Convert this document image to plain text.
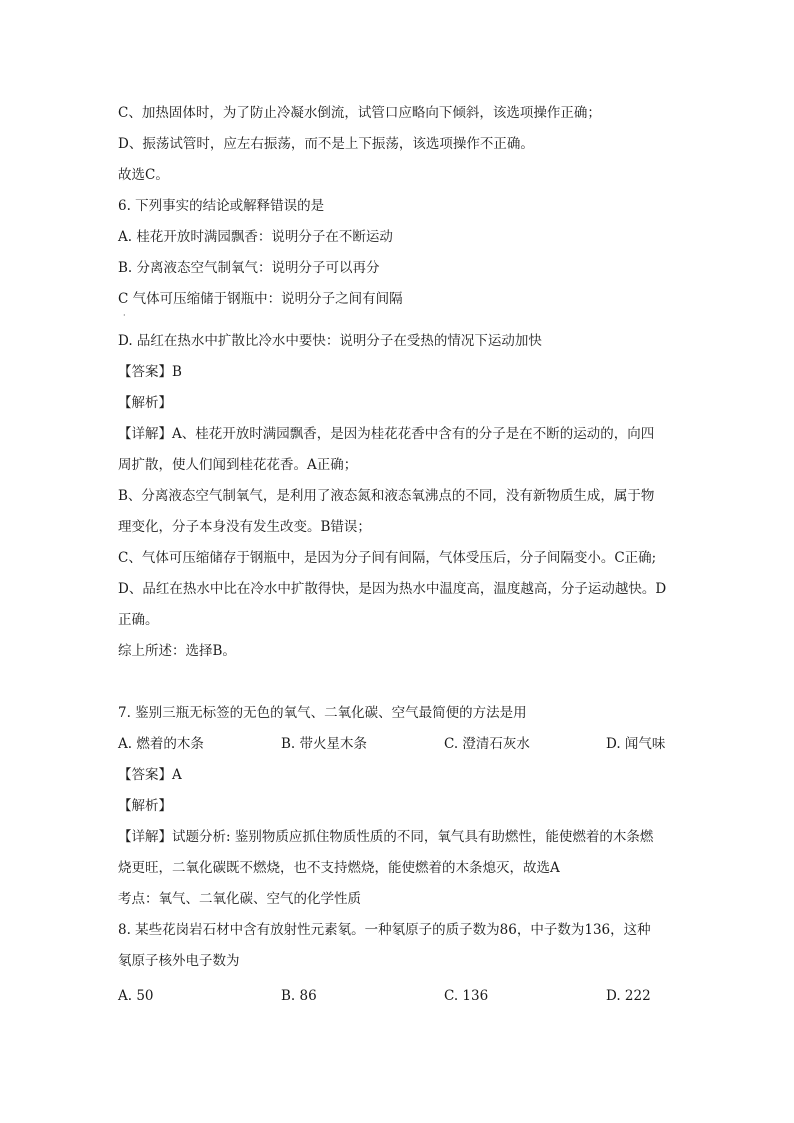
C、加热固体时，为了防止冷凝水倒流，试管口应略向下倾斜，该选项操作正确；
D、振荡试管时，应左右振荡，而不是上下振荡，该选项操作不正确。
故选C。
6. 下列事实的结论或解释错误的是
A. 桂花开放时满园飘香：说明分子在不断运动
B. 分离液态空气制氧气：说明分子可以再分
C 气体可压缩储于钢瓶中：说明分子之间有间隔
·
D. 品红在热水中扩散比冷水中要快：说明分子在受热的情况下运动加快
【答案】B
【解析】
【详解】A、桂花开放时满园飘香，是因为桂花花香中含有的分子是在不断的运动的，向四
周扩散，使人们闻到桂花花香。A正确；
B、分离液态空气制氧气，是利用了液态氮和液态氧沸点的不同，没有新物质生成，属于物
理变化，分子本身没有发生改变。B错误；
C、气体可压缩储存于钢瓶中，是因为分子间有间隔，气体受压后，分子间隔变小。C正确;
D、品红在热水中比在冷水中扩散得快，是因为热水中温度高，温度越高，分子运动越快。D
正确。
综上所述：选择B。
7. 鉴别三瓶无标签的无色的氧气、二氧化碳、空气最简便的方法是用
A. 燃着的木条	B. 带火星木条	C. 澄清石灰水	D. 闻气味
【答案】A
【解析】
【详解】试题分析: 鉴别物质应抓住物质性质的不同，氧气具有助燃性，能使燃着的木条燃
烧更旺，二氧化碳既不燃烧，也不支持燃烧，能使燃着的木条熄灭，故选A
考点：氧气、二氧化碳、空气的化学性质
8. 某些花岗岩石材中含有放射性元素氡。一种氡原子的质子数为86，中子数为136，这种
氡原子核外电子数为
A. 50	B. 86	C. 136	D. 222
